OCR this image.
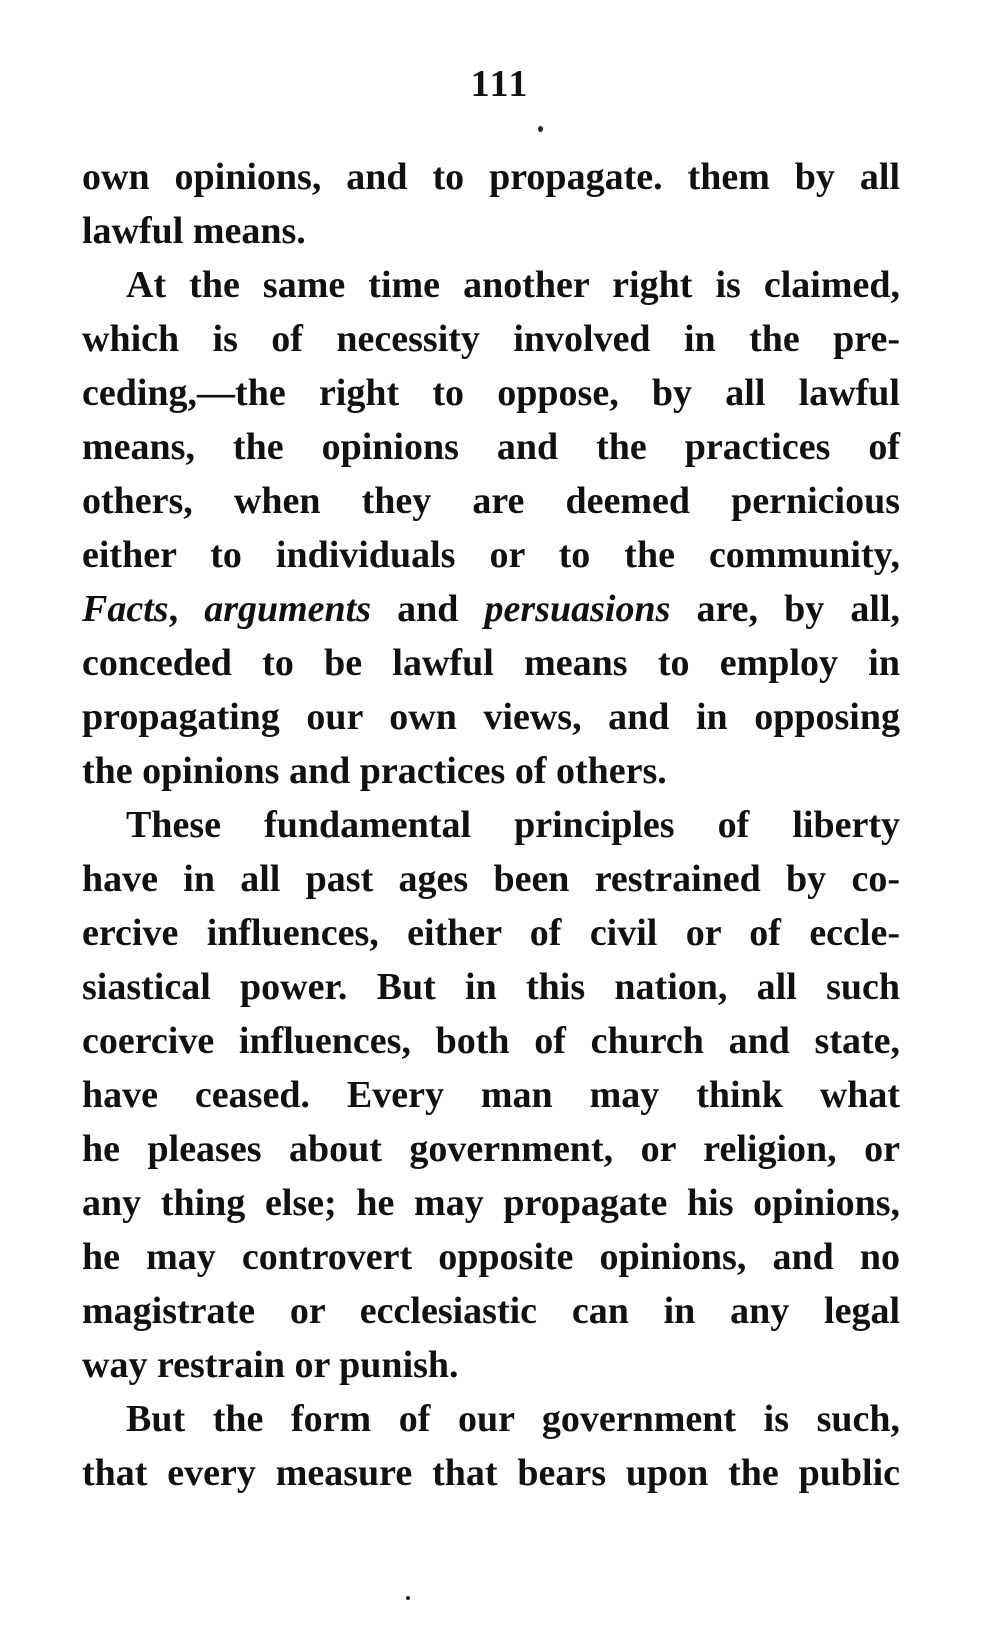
111
own opinions, and to propagate. them by all
lawful means.
At the same time another right is claimed,
which is of necessity involved in the pre-
ceding,—the right to oppose, by all lawful
means, the opinions and the practices of
others, when they are deemed pernicious
either to individuals or to the community,
Facts, arguments and persuasions are, by all,
conceded to be lawful means to employ in
propagating our own views, and in opposing
the opinions and practices of others.
These fundamental principles of liberty
have in all past ages been restrained by co-
ercive influences, either of civil or of eccle-
siastical power. But in this nation, all such
coercive influences, both of church and state,
have ceased. Every man may think what
he pleases about government, or religion, or
any thing else; he may propagate his opinions,
he may controvert opposite opinions, and no
magistrate or ecclesiastic can in any legal
way restrain or punish.
But the form of our government is such,
that every measure that bears upon the public
